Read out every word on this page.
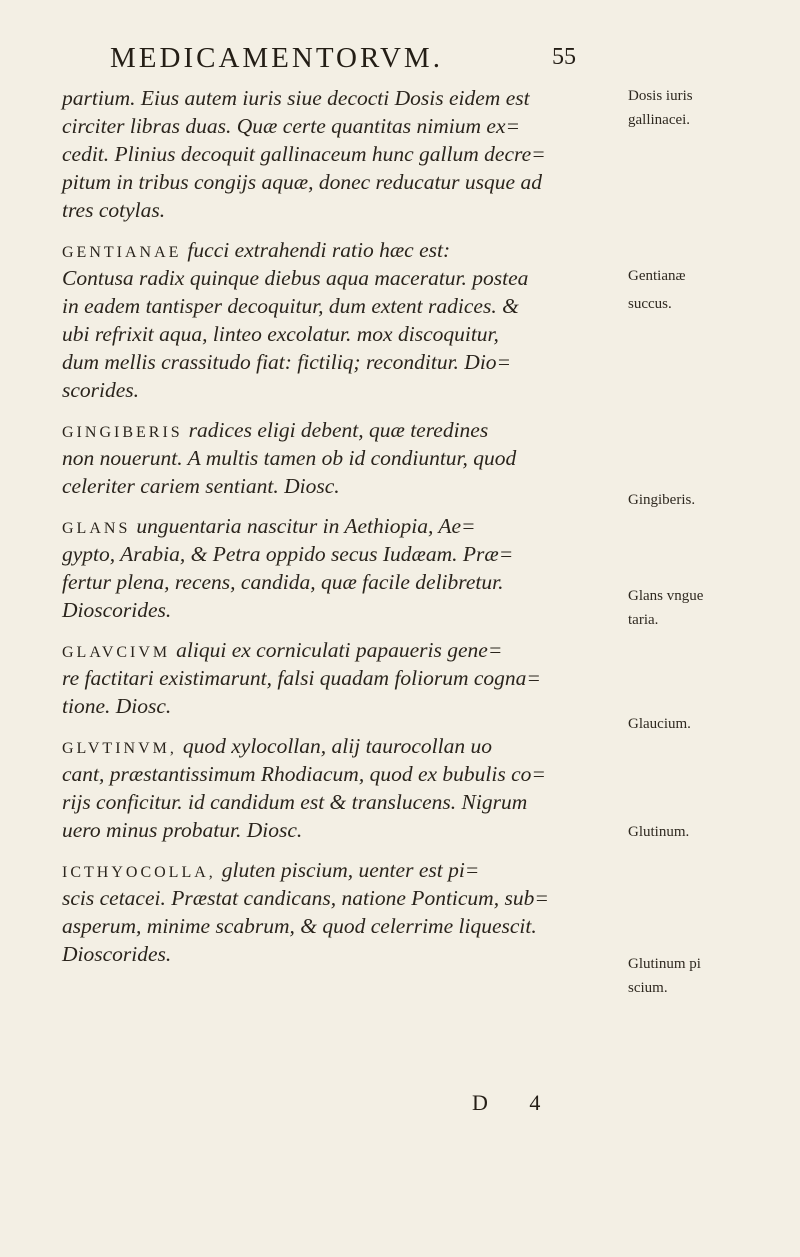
MEDICAMENTORVM.	55
partium. Eius autem iuris siue decocti Dosis eidem est
circiter libras duas. Quæ certe quantitas nimium ex=
cedit. Plinius decoquit gallinaceum hunc gallum decre=
pitum in tribus congijs aquæ, donec reducatur usque ad
tres cotylas.
GENTIANAE fucci extrahendi ratio hæc est:
Contusa radix quinque diebus aqua maceratur. postea
in eadem tantisper decoquitur, dum extent radices. &
ubi refrixit aqua, linteo excolatur. mox discoquitur,
dum mellis crassitudo fiat: fictiliq; reconditur. Dio=
scorides.
GINGIBERIS radices eligi debent, quæ teredines
non nouerunt. A multis tamen ob id condiuntur, quod
celeriter cariem sentiant. Diosc.
GLANS unguentaria nascitur in Aethiopia, Ae=
gypto, Arabia, & Petra oppido secus Iudæam. Præ=
fertur plena, recens, candida, quæ facile delibretur.
Dioscorides.
GLAVCIVM aliqui ex corniculati papaueris gene=
re factitari existimarunt, falsi quadam foliorum cogna=
tione. Diosc.
GLVTINVM, quod xylocollan, alij taurocollan uo
cant, præstantissimum Rhodiacum, quod ex bubulis co=
rijs conficitur. id candidum est & translucens. Nigrum
uero minus probatur. Diosc.
ICTHYOCOLLA, gluten piscium, uenter est pi=
scis cetacei. Præstat candicans, natione Ponticum, sub=
asperum, minime scabrum, & quod celerrime liquescit.
Dioscorides.
Dosis iuris
gallinacei.
Gentianæ
succus.
Gingiberis.
Glans vngue
taria.
Glaucium.
Glutinum.
Glutinum pi
scium.
D 4
